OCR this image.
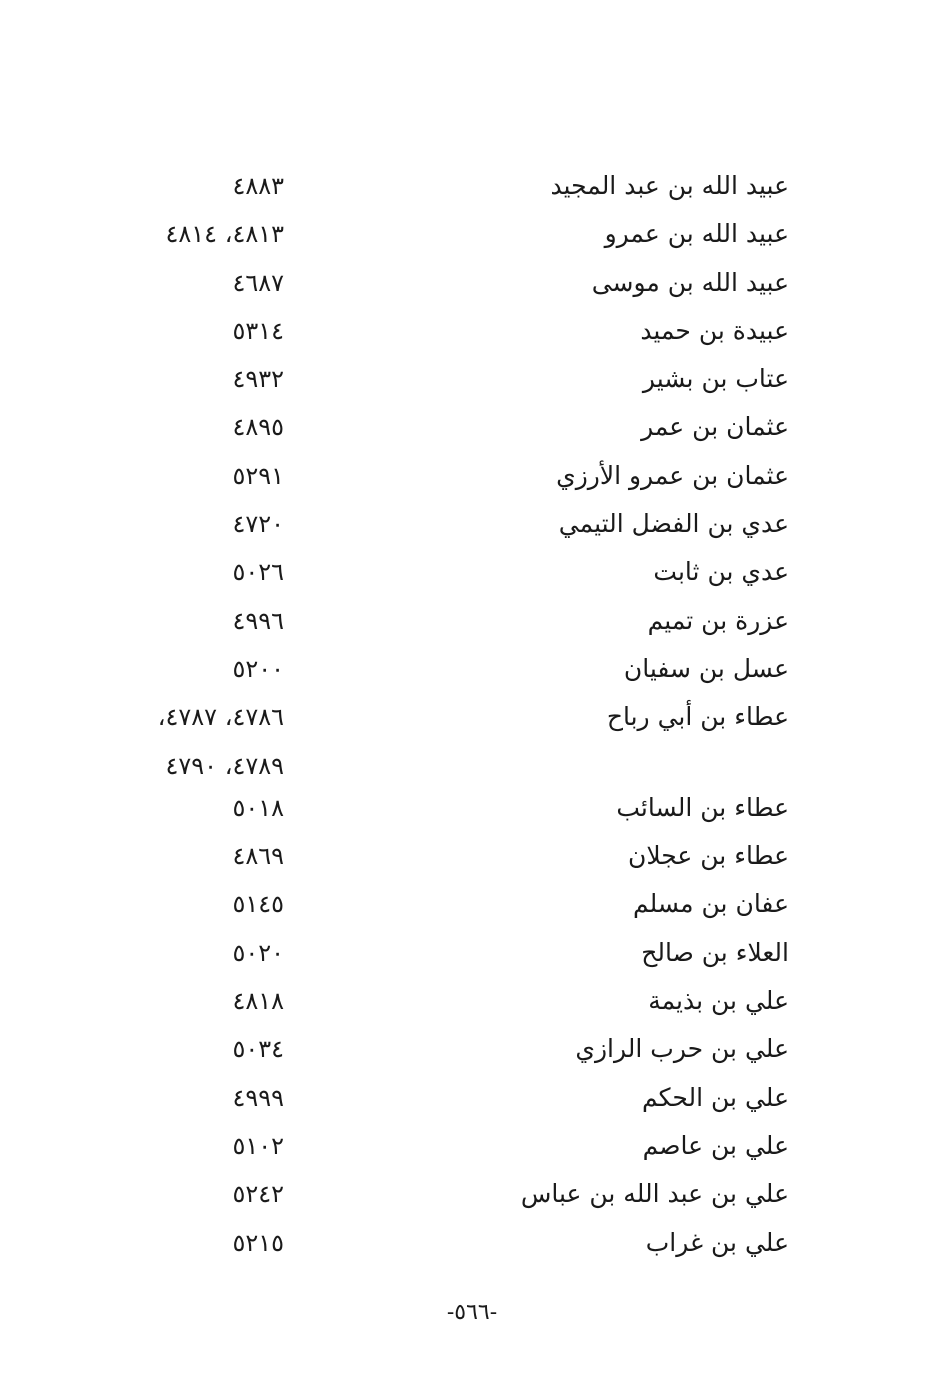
عبيد الله بن عبد المجيد
٤٨٨٣
عبيد الله بن عمرو
٤٨١٣، ٤٨١٤
عبيد الله بن موسى
٤٦٨٧
عبيدة بن حميد
٥٣١٤
عتاب بن بشير
٤٩٣٢
عثمان بن عمر
٤٨٩٥
عثمان بن عمرو الأرزي
٥٢٩١
عدي بن الفضل التيمي
٤٧٢٠
عدي بن ثابت
٥٠٢٦
عزرة بن تميم
٤٩٩٦
عسل بن سفيان
٥٢٠٠
عطاء بن أبي رباح
٤٧٨٦، ٤٧٨٧،
٤٧٨٩، ٤٧٩٠
عطاء بن السائب
٥٠١٨
عطاء بن عجلان
٤٨٦٩
عفان بن مسلم
٥١٤٥
العلاء بن صالح
٥٠٢٠
علي بن بذيمة
٤٨١٨
علي بن حرب الرازي
٥٠٣٤
علي بن الحكم
٤٩٩٩
علي بن عاصم
٥١٠٢
علي بن عبد الله بن عباس
٥٢٤٢
علي بن غراب
٥٢١٥
-٥٦٦-
